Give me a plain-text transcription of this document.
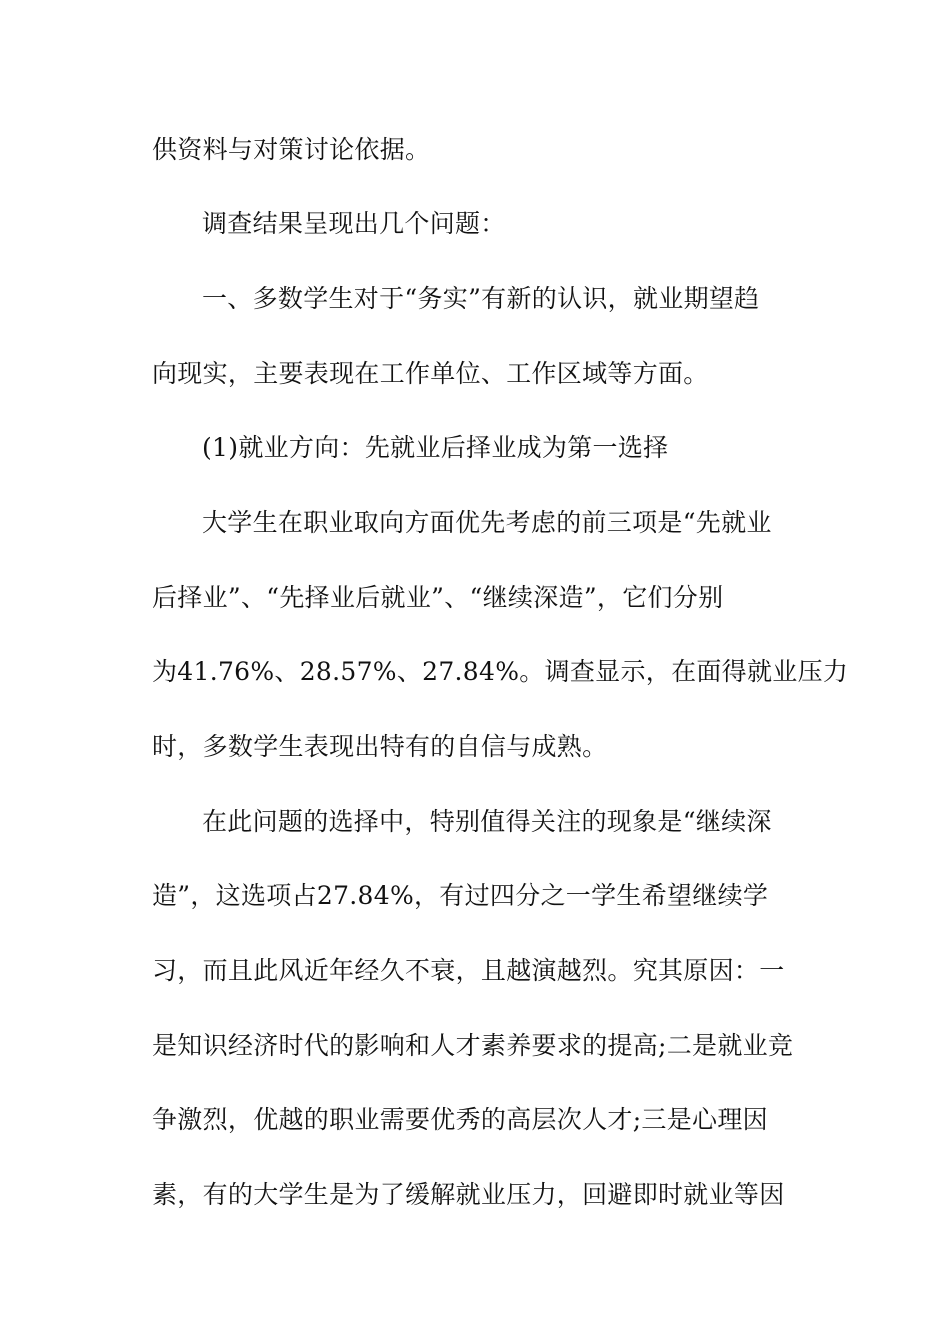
供资料与对策讨论依据。
调查结果呈现出几个问题：
一、多数学生对于“务实”有新的认识，就业期望趋
向现实，主要表现在工作单位、工作区域等方面。
(1)就业方向：先就业后择业成为第一选择
大学生在职业取向方面优先考虑的前三项是“先就业
后择业”、“先择业后就业”、“继续深造”，它们分别
为41.76%、28.57%、27.84%。调查显示，在面得就业压力
时，多数学生表现出特有的自信与成熟。
在此问题的选择中，特别值得关注的现象是“继续深
造”，这选项占27.84%，有过四分之一学生希望继续学
习，而且此风近年经久不衰，且越演越烈。究其原因：一
是知识经济时代的影响和人才素养要求的提高;二是就业竞
争激烈，优越的职业需要优秀的高层次人才;三是心理因
素，有的大学生是为了缓解就业压力，回避即时就业等因
